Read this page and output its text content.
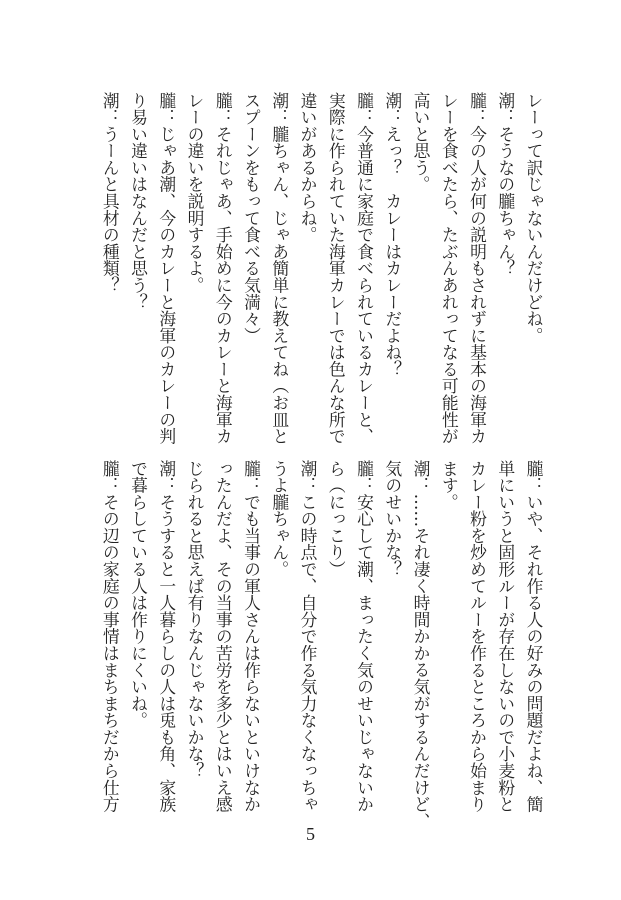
レーって訳じゃないんだけどね。
潮：そうなの朧ちゃん？
朧：今の人が何の説明もされずに基本の海軍カ
レーを食べたら、たぶんあれってなる可能性が
高いと思う。
潮：えっ？　カレーはカレーだよね？
朧：今普通に家庭で食べられているカレーと、
実際に作られていた海軍カレーでは色んな所で
違いがあるからね。
潮：朧ちゃん、じゃあ簡単に教えてね（お皿と
スプーンをもって食べる気満々）
朧：それじゃあ、手始めに今のカレーと海軍カ
レーの違いを説明するよ。
朧：じゃあ潮、今のカレーと海軍のカレーの判
り易い違いはなんだと思う？
潮：うーんと具材の種類？
朧：いや、それ作る人の好みの問題だよね、簡
単にいうと固形ルーが存在しないので小麦粉と
カレー粉を炒めてルーを作るところから始まり
ます。
潮：……それ凄く時間かかる気がするんだけど、
気のせいかな？
朧：安心して潮、まったく気のせいじゃないか
ら（にっこり）
潮：この時点で、自分で作る気力なくなっちゃ
うよ朧ちゃん。
朧：でも当事の軍人さんは作らないといけなか
ったんだよ、その当事の苦労を多少とはいえ感
じられると思えば有りなんじゃないかな？
潮：そうすると一人暮らしの人は兎も角、家族
で暮らしている人は作りにくいね。
朧：その辺の家庭の事情はまちまちだから仕方
5
